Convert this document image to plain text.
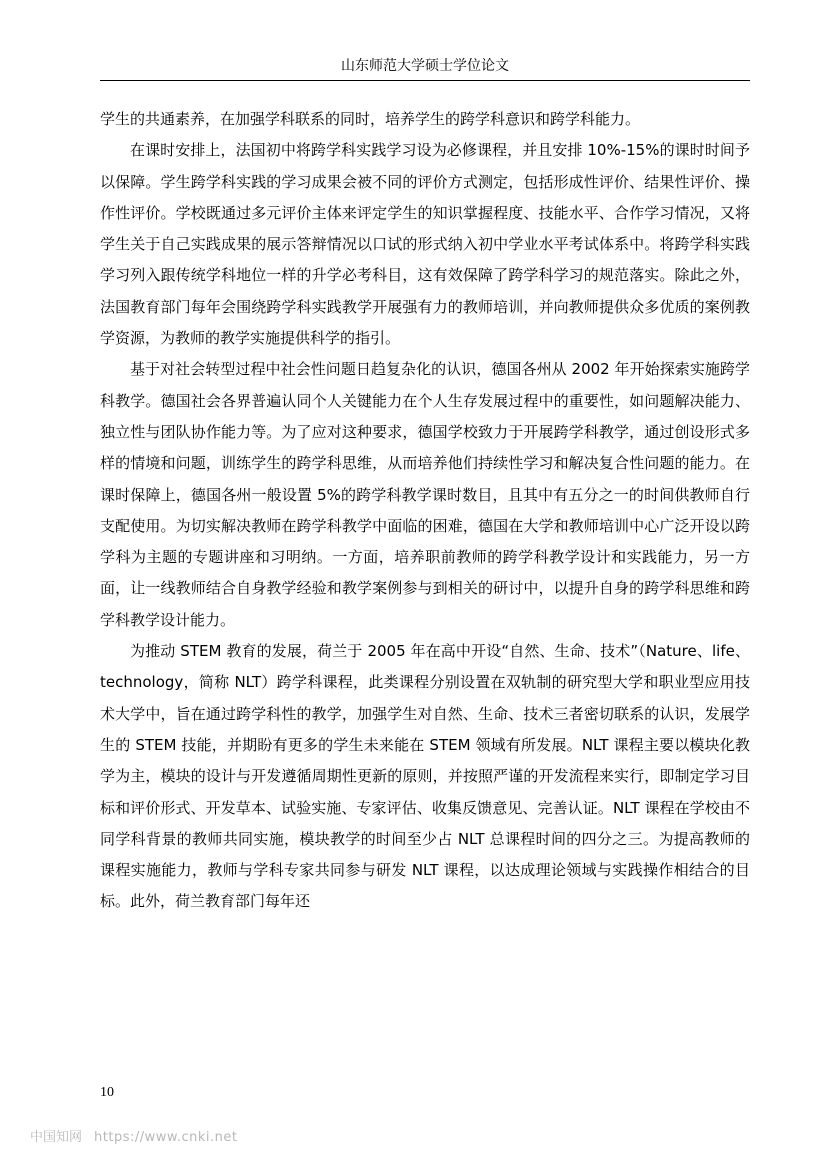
山东师范大学硕士学位论文

学生的共通素养，在加强学科联系的同时，培养学生的跨学科意识和跨学科能力。

在课时安排上，法国初中将跨学科实践学习设为必修课程，并且安排 10%-15%的课时时间予以保障。学生跨学科实践的学习成果会被不同的评价方式测定，包括形成性评价、结果性评价、操作性评价。学校既通过多元评价主体来评定学生的知识掌握程度、技能水平、合作学习情况，又将学生关于自己实践成果的展示答辩情况以口试的形式纳入初中学业水平考试体系中。将跨学科实践学习列入跟传统学科地位一样的升学必考科目，这有效保障了跨学科学习的规范落实。除此之外，法国教育部门每年会围绕跨学科实践教学开展强有力的教师培训，并向教师提供众多优质的案例教学资源，为教师的教学实施提供科学的指引。

基于对社会转型过程中社会性问题日趋复杂化的认识，德国各州从 2002 年开始探索实施跨学科教学。德国社会各界普遍认同个人关键能力在个人生存发展过程中的重要性，如问题解决能力、独立性与团队协作能力等。为了应对这种要求，德国学校致力于开展跨学科教学，通过创设形式多样的情境和问题，训练学生的跨学科思维，从而培养他们持续性学习和解决复合性问题的能力。在课时保障上，德国各州一般设置 5%的跨学科教学课时数目，且其中有五分之一的时间供教师自行支配使用。为切实解决教师在跨学科教学中面临的困难，德国在大学和教师培训中心广泛开设以跨学科为主题的专题讲座和习明纳。一方面，培养职前教师的跨学科教学设计和实践能力，另一方面，让一线教师结合自身教学经验和教学案例参与到相关的研讨中，以提升自身的跨学科思维和跨学科教学设计能力。

为推动 STEM 教育的发展，荷兰于 2005 年在高中开设“自然、生命、技术”（Nature、life、technology，简称 NLT）跨学科课程，此类课程分别设置在双轨制的研究型大学和职业型应用技术大学中，旨在通过跨学科性的教学，加强学生对自然、生命、技术三者密切联系的认识，发展学生的 STEM 技能，并期盼有更多的学生未来能在 STEM 领域有所发展。NLT 课程主要以模块化教学为主，模块的设计与开发遵循周期性更新的原则，并按照严谨的开发流程来实行，即制定学习目标和评价形式、开发草本、试验实施、专家评估、收集反馈意见、完善认证。NLT 课程在学校由不同学科背景的教师共同实施，模块教学的时间至少占 NLT 总课程时间的四分之三。为提高教师的课程实施能力，教师与学科专家共同参与研发 NLT 课程，以达成理论领域与实践操作相结合的目标。此外，荷兰教育部门每年还

10
中国知网 https://www.cnki.net
